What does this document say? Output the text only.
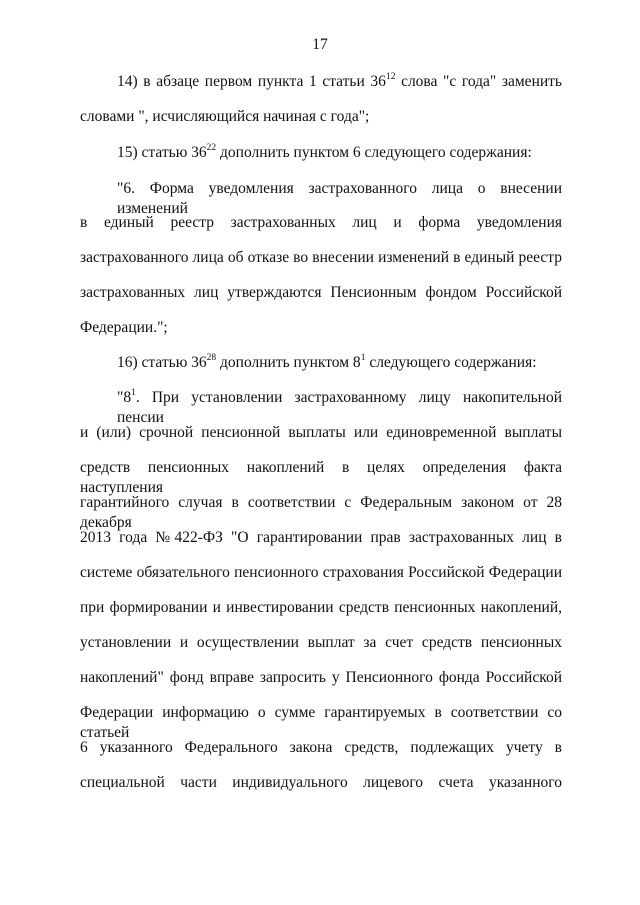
17
14) в абзаце первом пункта 1 статьи $36^{12}$ слова "с года" заменить
словами ", исчисляющийся начиная с года";
15) статью $36^{22}$ дополнить пунктом 6 следующего содержания:
"6. Форма уведомления застрахованного лица о внесении изменений
в единый реестр застрахованных лиц и форма уведомления
застрахованного лица об отказе во внесении изменений в единый реестр
застрахованных лиц утверждаются Пенсионным фондом Российской
Федерации.";
16) статью $36^{28}$ дополнить пунктом $8^1$ следующего содержания:
"$8^1$. При установлении застрахованному лицу накопительной пенсии
и (или) срочной пенсионной выплаты или единовременной выплаты
средств пенсионных накоплений в целях определения факта наступления
гарантийного случая в соответствии с Федеральным законом от 28 декабря
2013 года №422-ФЗ "О гарантировании прав застрахованных лиц в
системе обязательного пенсионного страхования Российской Федерации
при формировании и инвестировании средств пенсионных накоплений,
установлении и осуществлении выплат за счет средств пенсионных
накоплений" фонд вправе запросить у Пенсионного фонда Российской
Федерации информацию о сумме гарантируемых в соответствии со статьей
6 указанного Федерального закона средств, подлежащих учету в
специальной части индивидуального лицевого счета указанного
